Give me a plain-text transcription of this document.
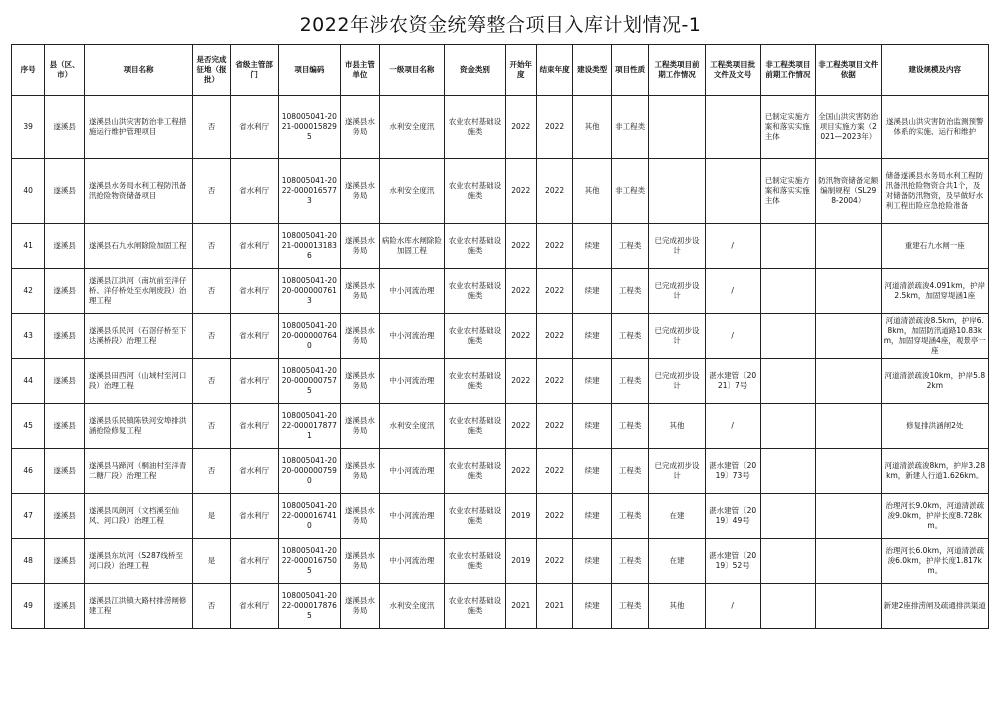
2022年涉农资金统筹整合项目入库计划情况-1
序号	县（区、市）	项目名称	是否完成征地（报批）	省级主管部门	项目编码	市县主管单位	一级项目名称	资金类别	开始年度	结束年度	建设类型	项目性质	工程类项目前期工作情况	工程类项目批文件及文号	非工程类项目前期工作情况	非工程类项目文件依据	建设规模及内容
39	遂溪县	遂溪县山洪灾害防治非工程措施运行维护管理项目	否	省水利厅	108005041-2021-0000158295	遂溪县水务局	水利安全度汛	农业农村基础设施类	2022	2022	其他	非工程类			已制定实施方案和落实实施主体	全国山洪灾害防治项目实施方案（2021—2023年）	遂溪县山洪灾害防治监测预警体系的实施、运行和维护
40	遂溪县	遂溪县水务局水利工程防汛备汛抢险物资储备项目	否	省水利厅	108005041-2022-0000165773	遂溪县水务局	水利安全度汛	农业农村基础设施类	2022	2022	其他	非工程类			已制定实施方案和落实实施主体	防汛物资储备定额编制规程（SL298-2004）	储备遂溪县水务局水利工程防汛备汛抢险物资合共1个，及对储备防汛物资，及早做好水利工程出险应急抢险准备
41	遂溪县	遂溪县石九水闸除险加固工程	否	省水利厅	108005041-2021-0000131836	遂溪县水务局	病险水库水闸除险加固工程	农业农村基础设施类	2022	2022	续建	工程类	已完成初步设计	/			重建石九水闸一座
42	遂溪县	遂溪县江洪河（南坑前至洋仔桥、洋仔桥处至水闸废段）治理工程	否	省水利厅	108005041-2020-0000007613	遂溪县水务局	中小河流治理	农业农村基础设施类	2022	2022	续建	工程类	已完成初步设计	/			河道清淤疏浚4.091km，护岸2.5km，加固穿堤涵1座
43	遂溪县	遂溪县乐民河（石滘仔桥至下达溪桥段）治理工程	否	省水利厅	108005041-2020-0000007640	遂溪县水务局	中小河流治理	农业农村基础设施类	2022	2022	续建	工程类	已完成初步设计	/			河道清淤疏浚8.5km，护岸6.8km，加固防汛道路10.83km，加固穿堤涵4座，观景亭一座
44	遂溪县	遂溪县田西河（山域村至河口段）治理工程	否	省水利厅	108005041-2020-0000007575	遂溪县水务局	中小河流治理	农业农村基础设施类	2022	2022	续建	工程类	已完成初步设计	湛水建管〔2021〕7号			河道清淤疏浚10km，护岸5.82km
45	遂溪县	遂溪县乐民镇陈铁河安埠排洪涵抢险修复工程	否	省水利厅	108005041-2022-0000178771	遂溪县水务局	水利安全度汛	农业农村基础设施类	2022	2022	续建	工程类	其他	/			修复排洪涵闸2处
46	遂溪县	遂溪县马蹄河（桐油村至洋青二糖厂段）治理工程	否	省水利厅	108005041-2020-0000007590	遂溪县水务局	中小河流治理	农业农村基础设施类	2022	2022	续建	工程类	已完成初步设计	湛水建管〔2019〕73号			河道清淤疏浚8km，护岸3.28km，新建人行道1.626km。
47	遂溪县	遂溪县凤朗河（文档溪至仙风、河口段）治理工程	是	省水利厅	108005041-2022-0000167410	遂溪县水务局	中小河流治理	农业农村基础设施类	2019	2022	续建	工程类	在建	湛水建管〔2019〕49号			治理河长9.0km，河道清淤疏浚9.0km，护岸长度8.728km。
48	遂溪县	遂溪县东坑河（S287线桥至河口段）治理工程	是	省水利厅	108005041-2022-0000167505	遂溪县水务局	中小河流治理	农业农村基础设施类	2019	2022	续建	工程类	在建	湛水建管〔2019〕52号			治理河长6.0km，河道清淤疏浚6.0km，护岸长度1.817km。
49	遂溪县	遂溪县江洪镇大路村排涝闸修建工程	否	省水利厅	108005041-2022-0000178765	遂溪县水务局	水利安全度汛	农业农村基础设施类	2021	2021	续建	工程类	其他	/			新建2座排涝闸及疏通排洪渠道
